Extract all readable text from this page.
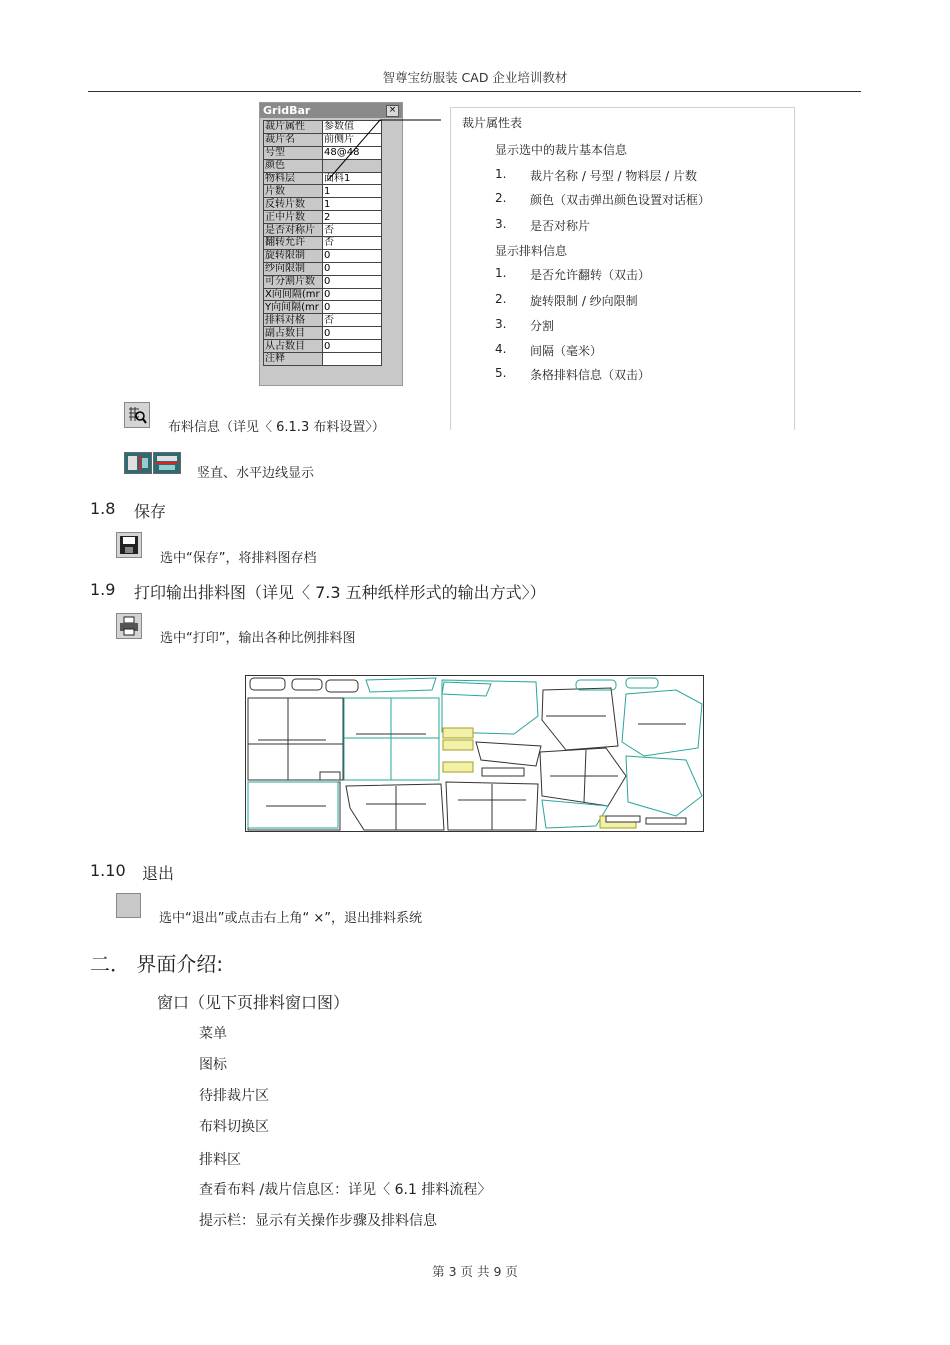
智尊宝纺服装 CAD 企业培训教材
GridBar	×
裁片属性	参数值
裁片名	前侧片
号型	48@48
颜色	
物料层	面料1
片数	1
反转片数	1
正中片数	2
是否对称片	否
翻转允许	否
旋转限制	0
纱向限制	0
可分割片数	0
X向间隔(mr	0
Y向间隔(mr	0
排料对格	否
副占数目	0
从占数目	0
注释	
裁片属性表
显示选中的裁片基本信息
1. 裁片名称 / 号型 / 物料层 / 片数
2. 颜色（双击弹出颜色设置对话框）
3. 是否对称片
显示排料信息
1. 是否允许翻转（双击）
2. 旋转限制 / 纱向限制
3. 分割
4. 间隔（毫米）
5. 条格排料信息（双击）
布料信息（详见〈 6.1.3 布料设置〉）
竖直、水平边线显示
1.8 保存
选中“保存”，将排料图存档
1.9 打印输出排料图（详见〈 7.3 五种纸样形式的输出方式〉）
选中“打印”，输出各种比例排料图
1.10 退出
选中“退出”或点击右上角“ ×”，退出排料系统
二． 界面介绍:
窗口（见下页排料窗口图）
菜单
图标
待排裁片区
布料切换区
排料区
查看布料 /裁片信息区：详见〈 6.1 排料流程〉
提示栏：显示有关操作步骤及排料信息
第 3 页 共 9 页
